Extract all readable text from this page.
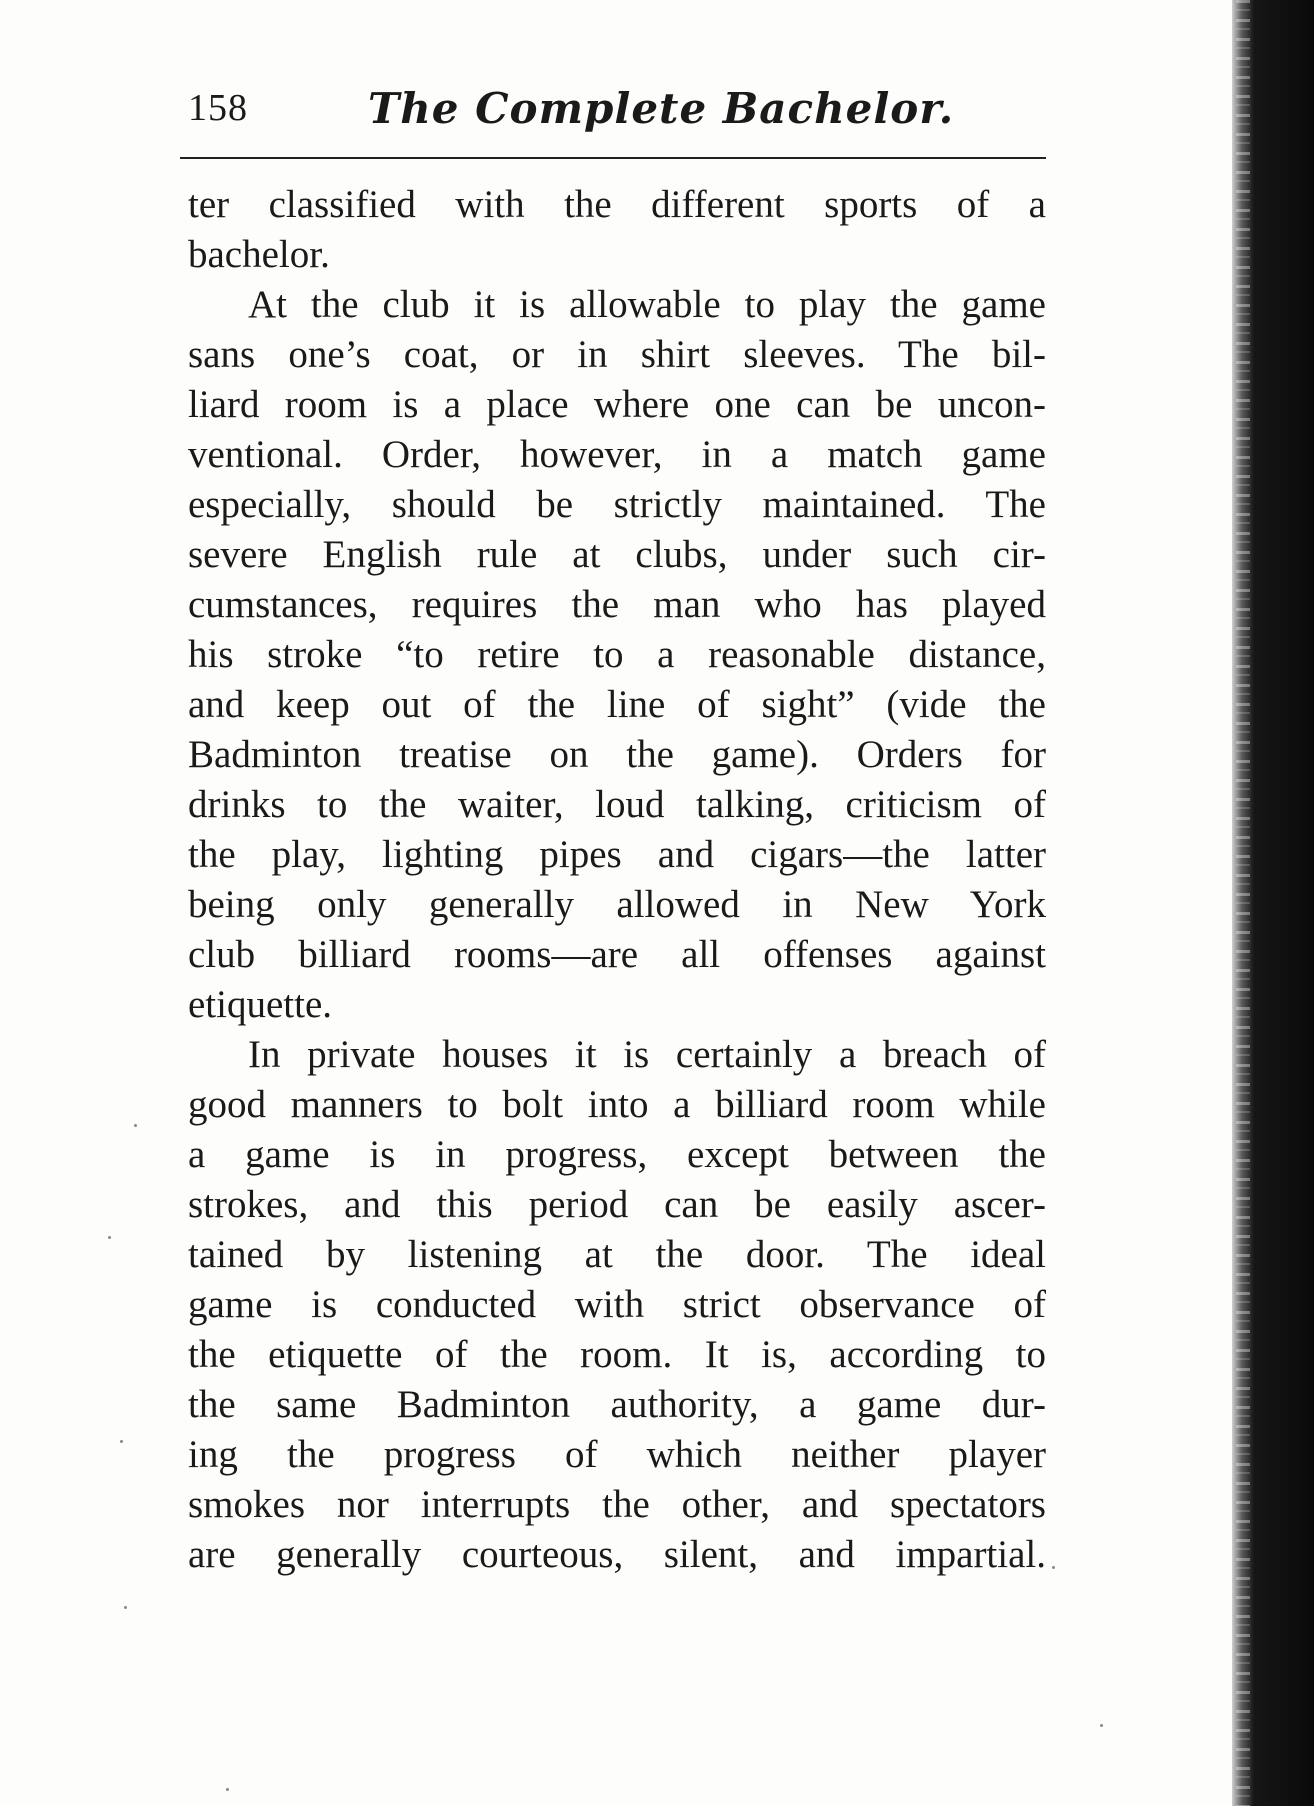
158	The Complete Bachelor.
ter classified with the different sports of a
bachelor.
At the club it is allowable to play the game
sans one’s coat, or in shirt sleeves. The bil-
liard room is a place where one can be uncon-
ventional. Order, however, in a match game
especially, should be strictly maintained. The
severe English rule at clubs, under such cir-
cumstances, requires the man who has played
his stroke “to retire to a reasonable distance,
and keep out of the line of sight” (vide the
Badminton treatise on the game). Orders for
drinks to the waiter, loud talking, criticism of
the play, lighting pipes and cigars—the latter
being only generally allowed in New York
club billiard rooms—are all offenses against
etiquette.
In private houses it is certainly a breach of
good manners to bolt into a billiard room while
a game is in progress, except between the
strokes, and this period can be easily ascer-
tained by listening at the door. The ideal
game is conducted with strict observance of
the etiquette of the room. It is, according to
the same Badminton authority, a game dur-
ing the progress of which neither player
smokes nor interrupts the other, and spectators
are generally courteous, silent, and impartial.
